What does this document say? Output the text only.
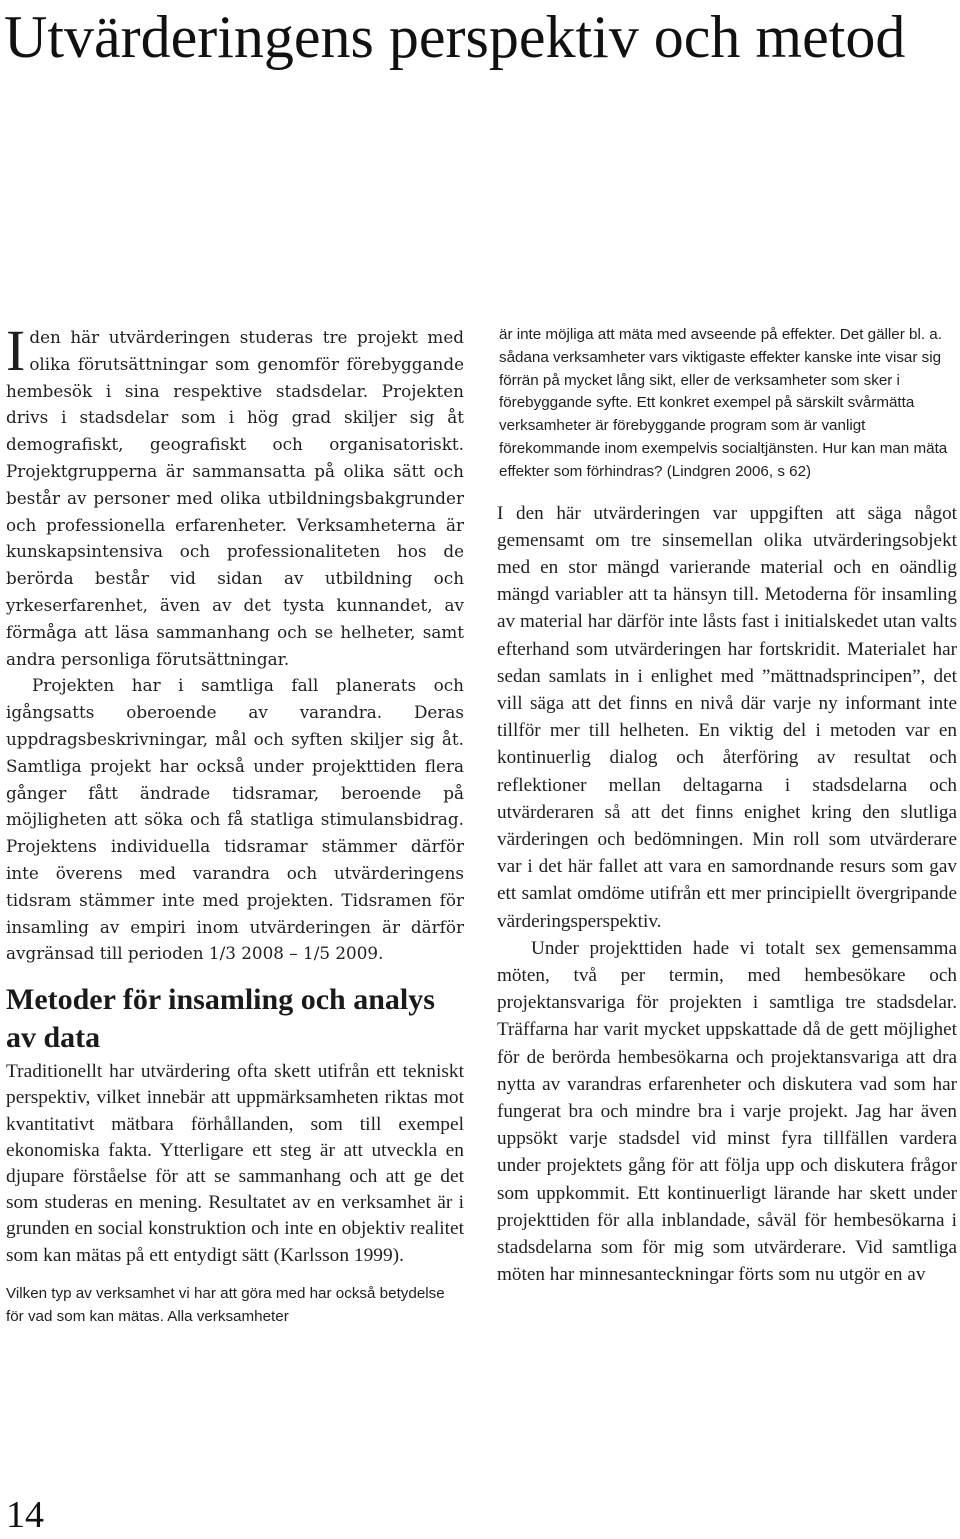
Utvärderingens perspektiv och metod

Iden här utvärderingen studeras tre projekt med olika förutsättningar som genomför förebyggande hembesök i sina respektive stadsdelar. Projekten drivs i stadsdelar som i hög grad skiljer sig åt demografiskt, geografiskt och organisatoriskt. Projektgrupperna är sammansatta på olika sätt och består av personer med olika utbildningsbakgrunder och professionella erfarenheter. Verksamheterna är kunskapsintensiva och professionaliteten hos de berörda består vid sidan av utbildning och yrkeserfarenhet, även av det tysta kunnandet, av förmåga att läsa sammanhang och se helheter, samt andra personliga förutsättningar.

Projekten har i samtliga fall planerats och igångsatts oberoende av varandra. Deras uppdragsbeskrivningar, mål och syften skiljer sig åt. Samtliga projekt har också under projekttiden flera gånger fått ändrade tidsramar, beroende på möjligheten att söka och få statliga stimulansbidrag. Projektens individuella tidsramar stämmer därför inte överens med varandra och utvärderingens tidsram stämmer inte med projekten. Tidsramen för insamling av empiri inom utvärderingen är därför avgränsad till perioden 1/3 2008 – 1/5 2009.

Metoder för insamling och analys av data

Traditionellt har utvärdering ofta skett utifrån ett tekniskt perspektiv, vilket innebär att uppmärksamheten riktas mot kvantitativt mätbara förhållanden, som till exempel ekonomiska fakta. Ytterligare ett steg är att utveckla en djupare förståelse för att se sammanhang och att ge det som studeras en mening. Resultatet av en verksamhet är i grunden en social konstruktion och inte en objektiv realitet som kan mätas på ett entydigt sätt (Karlsson 1999).

Vilken typ av verksamhet vi har att göra med har också betydelse för vad som kan mätas. Alla verksamheter

är inte möjliga att mäta med avseende på effekter. Det gäller bl. a. sådana verksamheter vars viktigaste effekter kanske inte visar sig förrän på mycket lång sikt, eller de verksamheter som sker i förebyggande syfte. Ett konkret exempel på särskilt svårmätta verksamheter är förebyggande program som är vanligt förekommande inom exempelvis socialtjänsten. Hur kan man mäta effekter som förhindras? (Lindgren 2006, s 62)

I den här utvärderingen var uppgiften att säga något gemensamt om tre sinsemellan olika utvärderingsobjekt med en stor mängd varierande material och en oändlig mängd variabler att ta hänsyn till. Metoderna för insamling av material har därför inte låsts fast i initialskedet utan valts efterhand som utvärderingen har fortskridit. Materialet har sedan samlats in i enlighet med ”mättnadsprincipen”, det vill säga att det finns en nivå där varje ny informant inte tillför mer till helheten. En viktig del i metoden var en kontinuerlig dialog och återföring av resultat och reflektioner mellan deltagarna i stadsdelarna och utvärderaren så att det finns enighet kring den slutliga värderingen och bedömningen. Min roll som utvärderare var i det här fallet att vara en samordnande resurs som gav ett samlat omdöme utifrån ett mer principiellt övergripande värderingsperspektiv.

Under projekttiden hade vi totalt sex gemensamma möten, två per termin, med hembesökare och projektansvariga för projekten i samtliga tre stadsdelar. Träffarna har varit mycket uppskattade då de gett möjlighet för de berörda hembesökarna och projektansvariga att dra nytta av varandras erfarenheter och diskutera vad som har fungerat bra och mindre bra i varje projekt. Jag har även uppsökt varje stadsdel vid minst fyra tillfällen vardera under projektets gång för att följa upp och diskutera frågor som uppkommit. Ett kontinuerligt lärande har skett under projekttiden för alla inblandade, såväl för hembesökarna i stadsdelarna som för mig som utvärderare. Vid samtliga möten har minnesanteckningar förts som nu utgör en av

14
